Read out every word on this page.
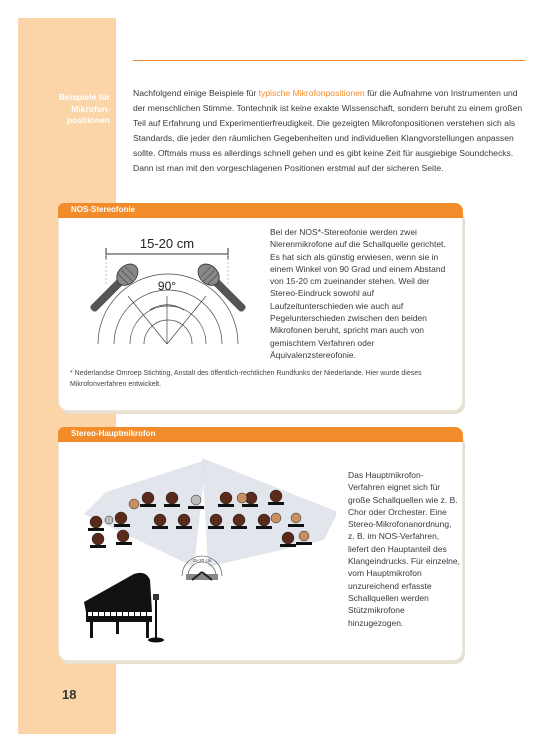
Beispiele für Mikrofon-positionen

Nachfolgend einige Beispiele für typische Mikrofonpositionen für die Aufnahme von Instrumenten und der menschlichen Stimme. Tontechnik ist keine exakte Wissenschaft, sondern beruht zu einem großen Teil auf Erfahrung und Experimentierfreudigkeit. Die gezeigten Mikrofonpositionen verstehen sich als Standards, die jeder den räumlichen Gegebenheiten und individuellen Klangvorstellungen anpassen sollte. Oftmals muss es allerdings schnell gehen und es gibt keine Zeit für ausgiebige Soundchecks. Dann ist man mit den vorgeschlagenen Positionen erstmal auf der sicheren Seite.

NOS-Stereofonie
15-20 cm
90°

Bei der NOS*-Stereofonie werden zwei Nierenmikrofone auf die Schallquelle gerichtet. Es hat sich als günstig erwiesen, wenn sie in einem Winkel von 90 Grad und einem Abstand von 15-20 cm zueinander stehen. Weil der Stereo-Eindruck sowohl auf Laufzeitunterschieden wie auch auf Pegelunterschieden zwischen den beiden Mikrofonen beruht, spricht man auch von gemischtem Verfahren oder Äquivalenzstereofonie.

* Nederlandse Omroep Stichting, Anstalt des öffentlich-rechtlichen Rundfunks der Niederlande. Hier wurde dieses Mikrofonverfahren entwickelt.

Stereo-Hauptmikrofon
15-20 cm

Das Hauptmikrofon-Verfahren eignet sich für große Schallquellen wie z. B. Chor oder Orchester. Eine Stereo-Mikrofonanordnung, z. B. im NOS-Verfahren, liefert den Hauptanteil des Klangeindrucks. Für einzelne, vom Hauptmikrofon unzureichend erfasste Schallquellen werden Stützmikrofone hinzugezogen.

18
